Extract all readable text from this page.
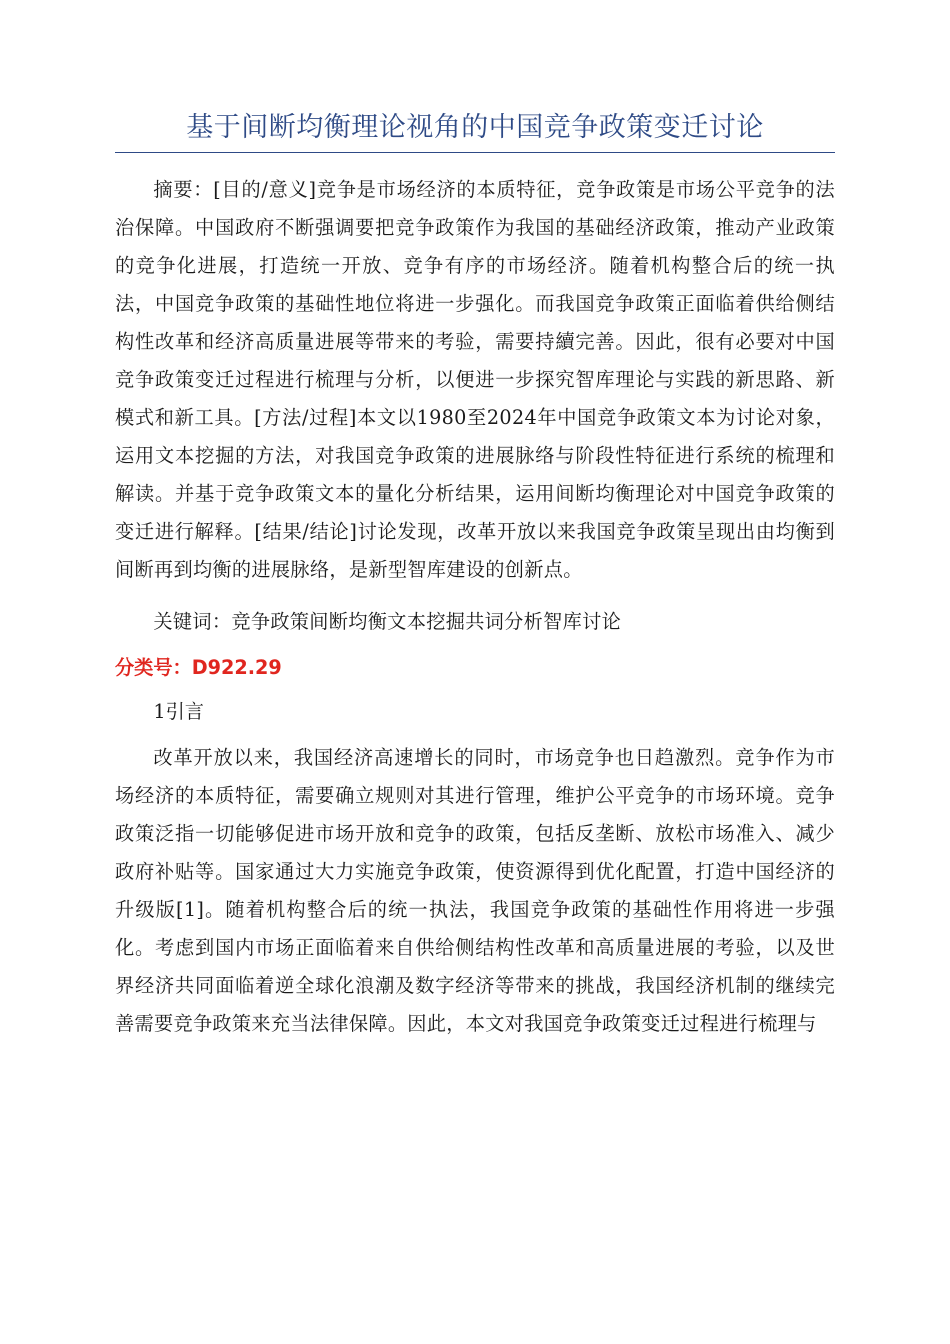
基于间断均衡理论视角的中国竞争政策变迁讨论

摘要：[目的/意义]竞争是市场经济的本质特征，竞争政策是市场公平竞争的法治保障。中国政府不断强调要把竞争政策作为我国的基础经济政策，推动产业政策的竞争化进展，打造统一开放、竞争有序的市场经济。随着机构整合后的统一执法，中国竞争政策的基础性地位将进一步强化。而我国竞争政策正面临着供给侧结构性改革和经济高质量进展等带来的考验，需要持續完善。因此，很有必要对中国竞争政策变迁过程进行梳理与分析，以便进一步探究智库理论与实践的新思路、新模式和新工具。[方法/过程]本文以1980至2024年中国竞争政策文本为讨论对象，运用文本挖掘的方法，对我国竞争政策的进展脉络与阶段性特征进行系统的梳理和解读。并基于竞争政策文本的量化分析结果，运用间断均衡理论对中国竞争政策的变迁进行解释。[结果/结论]讨论发现，改革开放以来我国竞争政策呈现出由均衡到间断再到均衡的进展脉络，是新型智库建设的创新点。

关键词：竞争政策间断均衡文本挖掘共词分析智库讨论

分类号：D922.29

1引言

改革开放以来，我国经济高速增长的同时，市场竞争也日趋激烈。竞争作为市场经济的本质特征，需要确立规则对其进行管理，维护公平竞争的市场环境。竞争政策泛指一切能够促进市场开放和竞争的政策，包括反垄断、放松市场准入、减少政府补贴等。国家通过大力实施竞争政策，使资源得到优化配置，打造中国经济的升级版[1]。随着机构整合后的统一执法，我国竞争政策的基础性作用将进一步强化。考虑到国内市场正面临着来自供给侧结构性改革和高质量进展的考验，以及世界经济共同面临着逆全球化浪潮及数字经济等带来的挑战，我国经济机制的继续完善需要竞争政策来充当法律保障。因此，本文对我国竞争政策变迁过程进行梳理与
